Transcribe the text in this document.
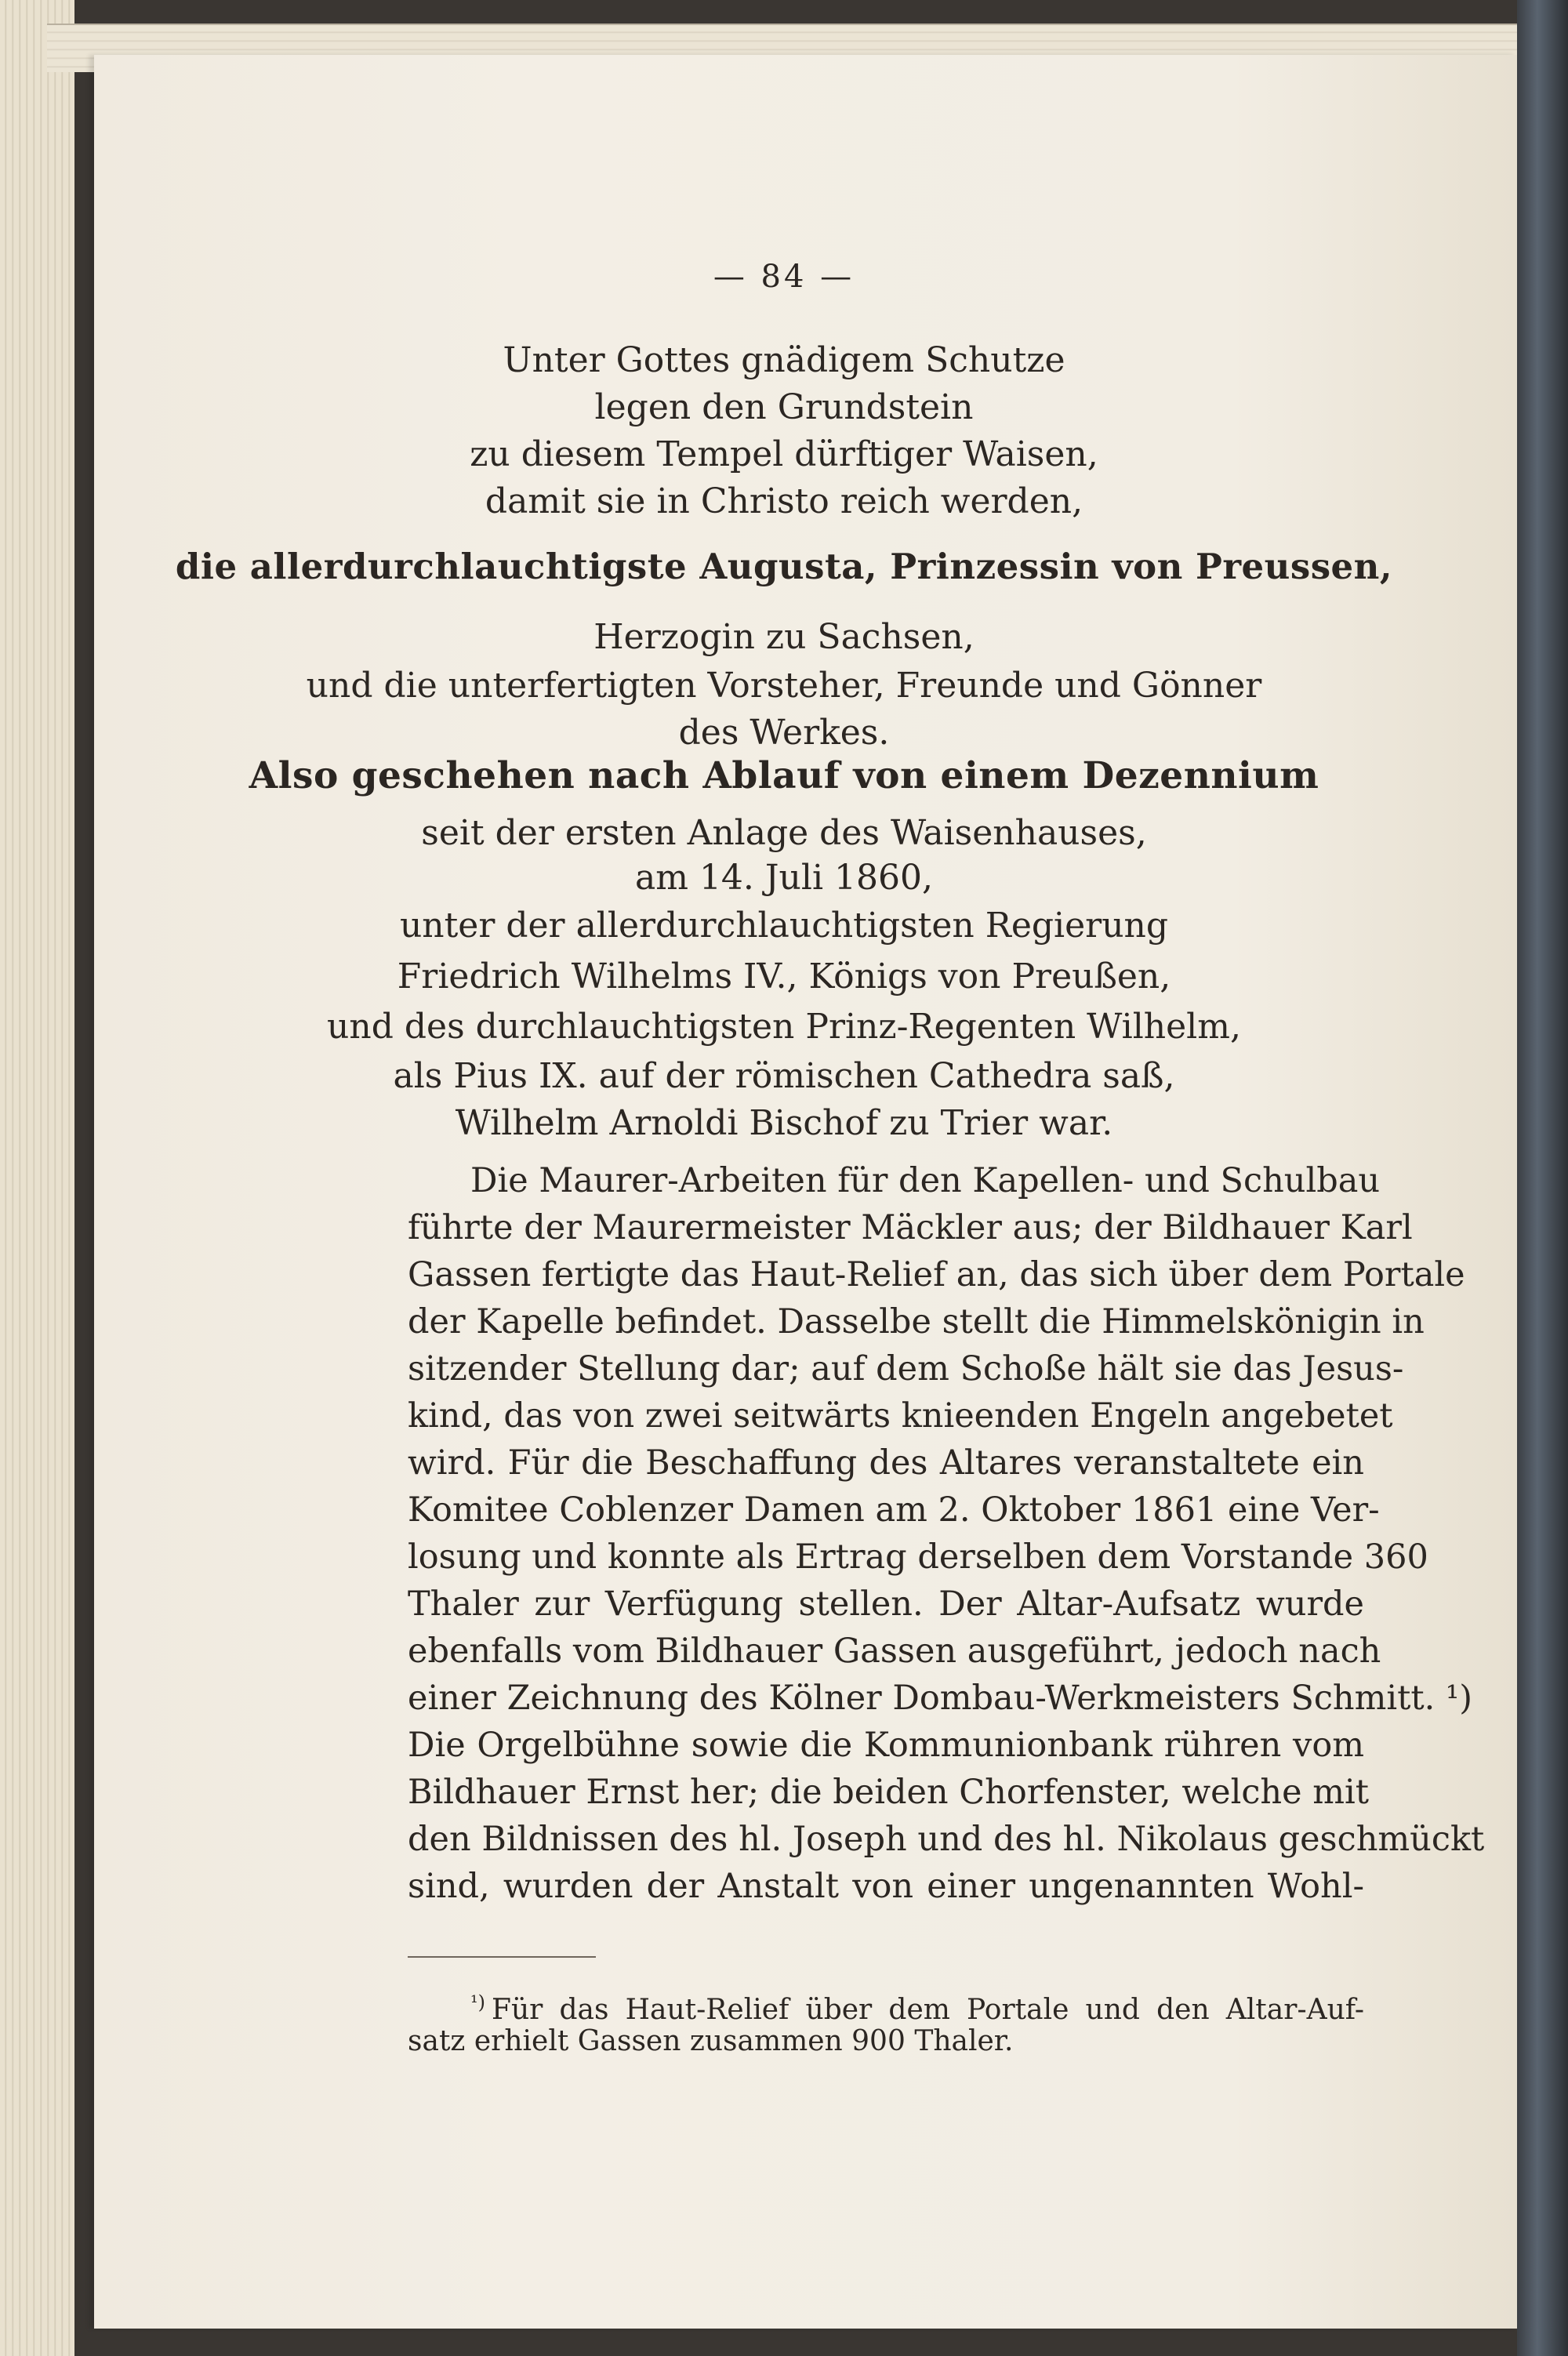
— 84 —
Unter Gottes gnädigem Schutze
legen den Grundstein
zu diesem Tempel dürftiger Waisen,
damit sie in Christo reich werden,
die allerdurchlauchtigste Augusta, Prinzessin von Preussen,
Herzogin zu Sachsen,
und die unterfertigten Vorsteher, Freunde und Gönner
des Werkes.
Also geschehen nach Ablauf von einem Dezennium
seit der ersten Anlage des Waisenhauses,
am 14. Juli 1860,
unter der allerdurchlauchtigsten Regierung
Friedrich Wilhelms IV., Königs von Preußen,
und des durchlauchtigsten Prinz-Regenten Wilhelm,
als Pius IX. auf der römischen Cathedra saß,
Wilhelm Arnoldi Bischof zu Trier war.
Die Maurer-Arbeiten für den Kapellen- und Schulbau
führte der Maurermeister Mäckler aus; der Bildhauer Karl
Gassen fertigte das Haut-Relief an, das sich über dem Portale
der Kapelle befindet. Dasselbe stellt die Himmelskönigin in
sitzender Stellung dar; auf dem Schoße hält sie das Jesus-
kind, das von zwei seitwärts knieenden Engeln angebetet
wird. Für die Beschaffung des Altares veranstaltete ein
Komitee Coblenzer Damen am 2. Oktober 1861 eine Ver-
losung und konnte als Ertrag derselben dem Vorstande 360
Thaler zur Verfügung stellen. Der Altar-Aufsatz wurde
ebenfalls vom Bildhauer Gassen ausgeführt, jedoch nach
einer Zeichnung des Kölner Dombau-Werkmeisters Schmitt. ¹)
Die Orgelbühne sowie die Kommunionbank rühren vom
Bildhauer Ernst her; die beiden Chorfenster, welche mit
den Bildnissen des hl. Joseph und des hl. Nikolaus geschmückt
sind, wurden der Anstalt von einer ungenannten Wohl-
$^{^1)}$ Für das Haut-Relief über dem Portale und den Altar-Auf-
satz erhielt Gassen zusammen 900 Thaler.
